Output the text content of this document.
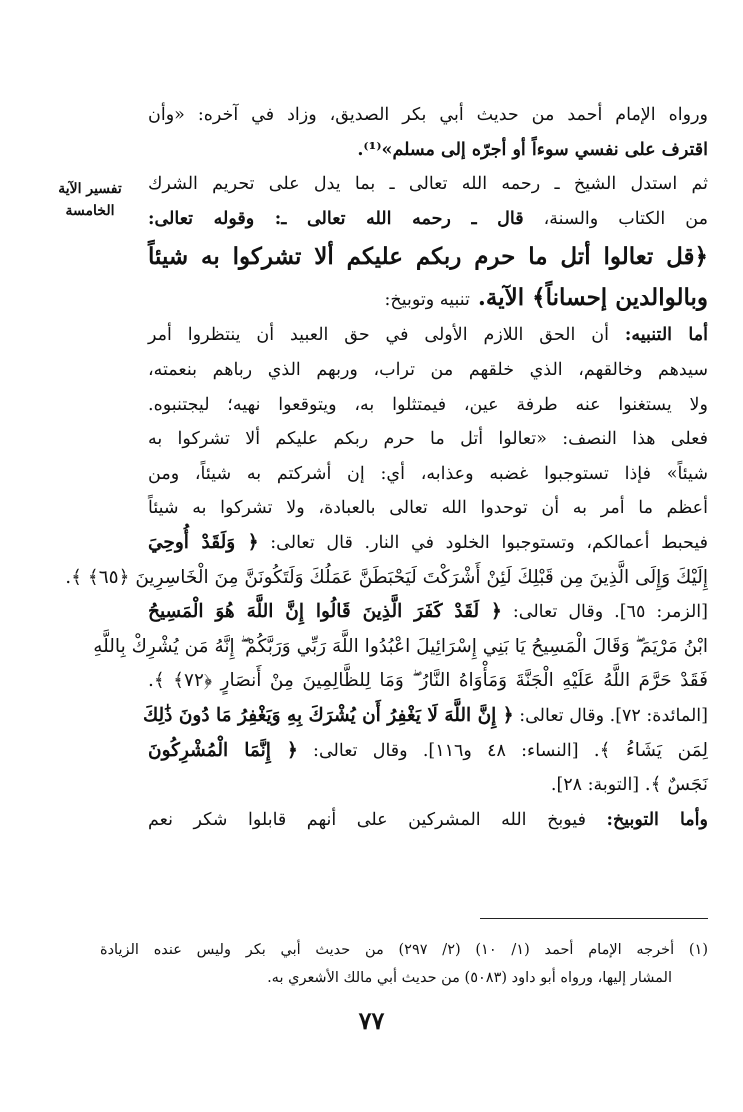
تفسير الآية
الخامسة
ورواه الإمام أحمد من حديث أبي بكر الصديق، وزاد في آخره: «وأن
اقترف على نفسي سوءاً أو أجرّه إلى مسلم»⁽¹⁾.
ثم استدل الشيخ ـ رحمه الله تعالى ـ بما يدل على تحريم الشرك
من الكتاب والسنة، قال ـ رحمه الله تعالى ـ: وقوله تعالى:
﴿قل تعالوا أتل ما حرم ربكم عليكم ألا تشركوا به شيئاً
وبالوالدين إحساناً﴾ الآية. تنبيه وتوبيخ:
أما التنبيه: أن الحق اللازم الأولى في حق العبيد أن ينتظروا أمر
سيدهم وخالقهم، الذي خلقهم من تراب، وربهم الذي رباهم بنعمته،
ولا يستغنوا عنه طرفة عين، فيمتثلوا به، ويتوقعوا نهيه؛ ليجتنبوه.
فعلى هذا النصف: «تعالوا أتل ما حرم ربكم عليكم ألا تشركوا به
شيئاً» فإذا تستوجبوا غضبه وعذابه، أي: إن أشركتم به شيئاً، ومن
أعظم ما أمر به أن توحدوا الله تعالى بالعبادة، ولا تشركوا به شيئاً
فيحبط أعمالكم، وتستوجبوا الخلود في النار. قال تعالى: ﴿ وَلَقَدْ أُوحِيَ
إِلَيْكَ وَإِلَى الَّذِينَ مِن قَبْلِكَ لَئِنْ أَشْرَكْتَ لَيَحْبَطَنَّ عَمَلُكَ وَلَتَكُونَنَّ مِنَ الْخَاسِرِينَ ﴿٦٥﴾ ﴾.
[الزمر: ٦٥]. وقال تعالى: ﴿ لَقَدْ كَفَرَ الَّذِينَ قَالُوا إِنَّ اللَّهَ هُوَ الْمَسِيحُ
ابْنُ مَرْيَمَ ۖ وَقَالَ الْمَسِيحُ يَا بَنِي إِسْرَائِيلَ اعْبُدُوا اللَّهَ رَبِّي وَرَبَّكُمْ ۖ إِنَّهُ مَن يُشْرِكْ بِاللَّهِ
فَقَدْ حَرَّمَ اللَّهُ عَلَيْهِ الْجَنَّةَ وَمَأْوَاهُ النَّارُ ۖ وَمَا لِلظَّالِمِينَ مِنْ أَنصَارٍ ﴿٧٢﴾ ﴾.
[المائدة: ٧٢]. وقال تعالى: ﴿ إِنَّ اللَّهَ لَا يَغْفِرُ أَن يُشْرَكَ بِهِ وَيَغْفِرُ مَا دُونَ ذَٰلِكَ
لِمَن يَشَاءُ ﴾. [النساء: ٤٨ و١١٦]. وقال تعالى: ﴿ إِنَّمَا الْمُشْرِكُونَ
نَجَسٌ ﴾. [التوبة: ٢٨].
وأما التوبيخ: فيوبخ الله المشركين على أنهم قابلوا شكر نعم
(١) أخرجه الإمام أحمد (١/ ١٠) (٢/ ٢٩٧) من حديث أبي بكر وليس عنده الزيادة
المشار إليها، ورواه أبو داود (٥٠٨٣) من حديث أبي مالك الأشعري به.
٧٧
